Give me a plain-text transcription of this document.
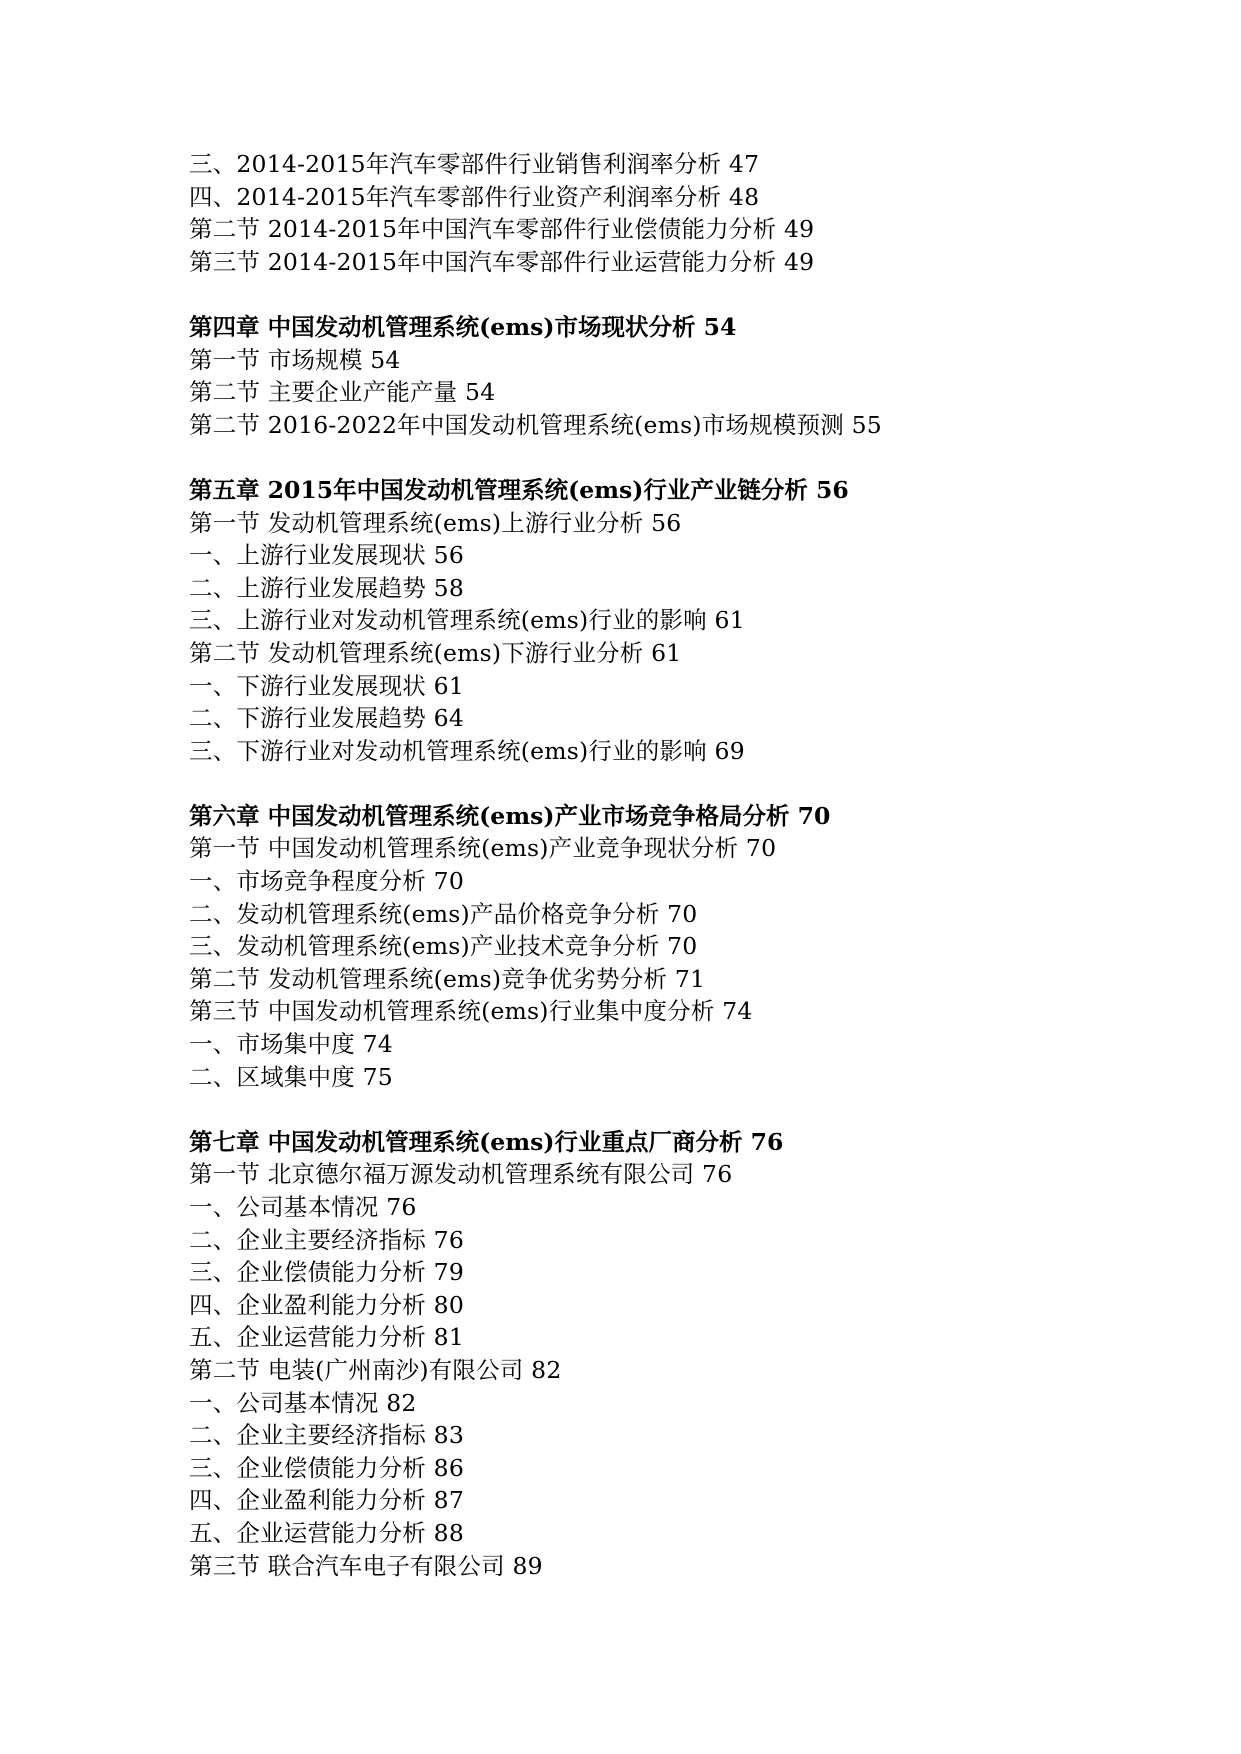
三、2014-2015年汽车零部件行业销售利润率分析 47
四、2014-2015年汽车零部件行业资产利润率分析 48
第二节 2014-2015年中国汽车零部件行业偿债能力分析 49
第三节 2014-2015年中国汽车零部件行业运营能力分析 49
第四章 中国发动机管理系统(ems)市场现状分析 54
第一节 市场规模 54
第二节 主要企业产能产量 54
第二节 2016-2022年中国发动机管理系统(ems)市场规模预测 55
第五章 2015年中国发动机管理系统(ems)行业产业链分析 56
第一节 发动机管理系统(ems)上游行业分析 56
一、上游行业发展现状 56
二、上游行业发展趋势 58
三、上游行业对发动机管理系统(ems)行业的影响 61
第二节 发动机管理系统(ems)下游行业分析 61
一、下游行业发展现状 61
二、下游行业发展趋势 64
三、下游行业对发动机管理系统(ems)行业的影响 69
第六章 中国发动机管理系统(ems)产业市场竞争格局分析 70
第一节 中国发动机管理系统(ems)产业竞争现状分析 70
一、市场竞争程度分析 70
二、发动机管理系统(ems)产品价格竞争分析 70
三、发动机管理系统(ems)产业技术竞争分析 70
第二节 发动机管理系统(ems)竞争优劣势分析 71
第三节 中国发动机管理系统(ems)行业集中度分析 74
一、市场集中度 74
二、区域集中度 75
第七章 中国发动机管理系统(ems)行业重点厂商分析 76
第一节 北京德尔福万源发动机管理系统有限公司 76
一、公司基本情况 76
二、企业主要经济指标 76
三、企业偿债能力分析 79
四、企业盈利能力分析 80
五、企业运营能力分析 81
第二节 电装(广州南沙)有限公司 82
一、公司基本情况 82
二、企业主要经济指标 83
三、企业偿债能力分析 86
四、企业盈利能力分析 87
五、企业运营能力分析 88
第三节 联合汽车电子有限公司 89
